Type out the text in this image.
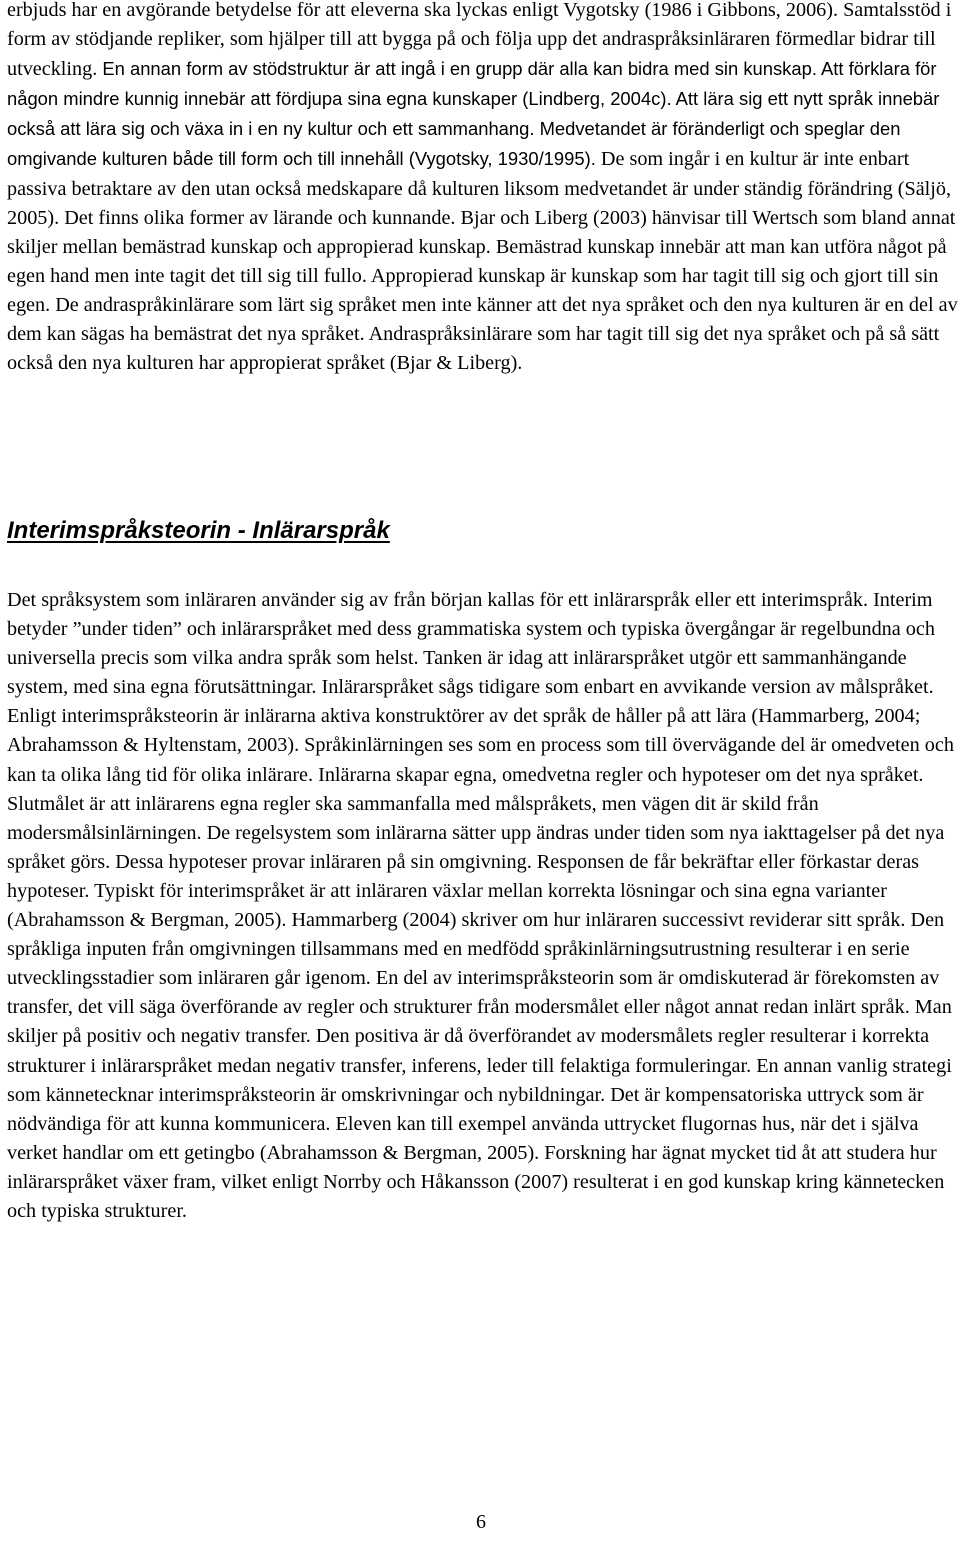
erbjuds har en avgörande betydelse för att eleverna ska lyckas enligt Vygotsky (1986 i Gibbons, 2006). Samtalsstöd i form av stödjande repliker, som hjälper till att bygga på och följa upp det andraspråksinläraren förmedlar bidrar till utveckling. En annan form av stödstruktur är att ingå i en grupp där alla kan bidra med sin kunskap. Att förklara för någon mindre kunnig innebär att fördjupa sina egna kunskaper (Lindberg, 2004c). Att lära sig ett nytt språk innebär också att lära sig och växa in i en ny kultur och ett sammanhang. Medvetandet är föränderligt och speglar den omgivande kulturen både till form och till innehåll (Vygotsky, 1930/1995). De som ingår i en kultur är inte enbart passiva betraktare av den utan också medskapare då kulturen liksom medvetandet är under ständig förändring (Säljö, 2005). Det finns olika former av lärande och kunnande. Bjar och Liberg (2003) hänvisar till Wertsch som bland annat skiljer mellan bemästrad kunskap och appropierad kunskap. Bemästrad kunskap innebär att man kan utföra något på egen hand men inte tagit det till sig till fullo. Appropierad kunskap är kunskap som har tagit till sig och gjort till sin egen. De andraspråkinlärare som lärt sig språket men inte känner att det nya språket och den nya kulturen är en del av dem kan sägas ha bemästrat det nya språket. Andraspråksinlärare som har tagit till sig det nya språket och på så sätt också den nya kulturen har appropierat språket (Bjar & Liberg).

Interimspråksteorin - Inlärarspråk

Det språksystem som inläraren använder sig av från början kallas för ett inlärarspråk eller ett interimspråk. Interim betyder ”under tiden” och inlärarspråket med dess grammatiska system och typiska övergångar är regelbundna och universella precis som vilka andra språk som helst. Tanken är idag att inlärarspråket utgör ett sammanhängande system, med sina egna förutsättningar. Inlärarspråket sågs tidigare som enbart en avvikande version av målspråket. Enligt interimspråksteorin är inlärarna aktiva konstruktörer av det språk de håller på att lära (Hammarberg, 2004; Abrahamsson & Hyltenstam, 2003). Språkinlärningen ses som en process som till övervägande del är omedveten och kan ta olika lång tid för olika inlärare. Inlärarna skapar egna, omedvetna regler och hypoteser om det nya språket. Slutmålet är att inlärarens egna regler ska sammanfalla med målspråkets, men vägen dit är skild från modersmålsinlärningen. De regelsystem som inlärarna sätter upp ändras under tiden som nya iakttagelser på det nya språket görs. Dessa hypoteser provar inläraren på sin omgivning. Responsen de får bekräftar eller förkastar deras hypoteser. Typiskt för interimspråket är att inläraren växlar mellan korrekta lösningar och sina egna varianter (Abrahamsson & Bergman, 2005). Hammarberg (2004) skriver om hur inläraren successivt reviderar sitt språk. Den språkliga inputen från omgivningen tillsammans med en medfödd språkinlärningsutrustning resulterar i en serie utvecklingsstadier som inläraren går igenom. En del av interimspråksteorin som är omdiskuterad är förekomsten av transfer, det vill säga överförande av regler och strukturer från modersmålet eller något annat redan inlärt språk. Man skiljer på positiv och negativ transfer. Den positiva är då överförandet av modersmålets regler resulterar i korrekta strukturer i inlärarspråket medan negativ transfer, inferens, leder till felaktiga formuleringar. En annan vanlig strategi som kännetecknar interimspråksteorin är omskrivningar och nybildningar. Det är kompensatoriska uttryck som är nödvändiga för att kunna kommunicera. Eleven kan till exempel använda uttrycket flugornas hus, när det i själva verket handlar om ett getingbo (Abrahamsson & Bergman, 2005). Forskning har ägnat mycket tid åt att studera hur inlärarspråket växer fram, vilket enligt Norrby och Håkansson (2007) resulterat i en god kunskap kring kännetecken och typiska strukturer.

6
